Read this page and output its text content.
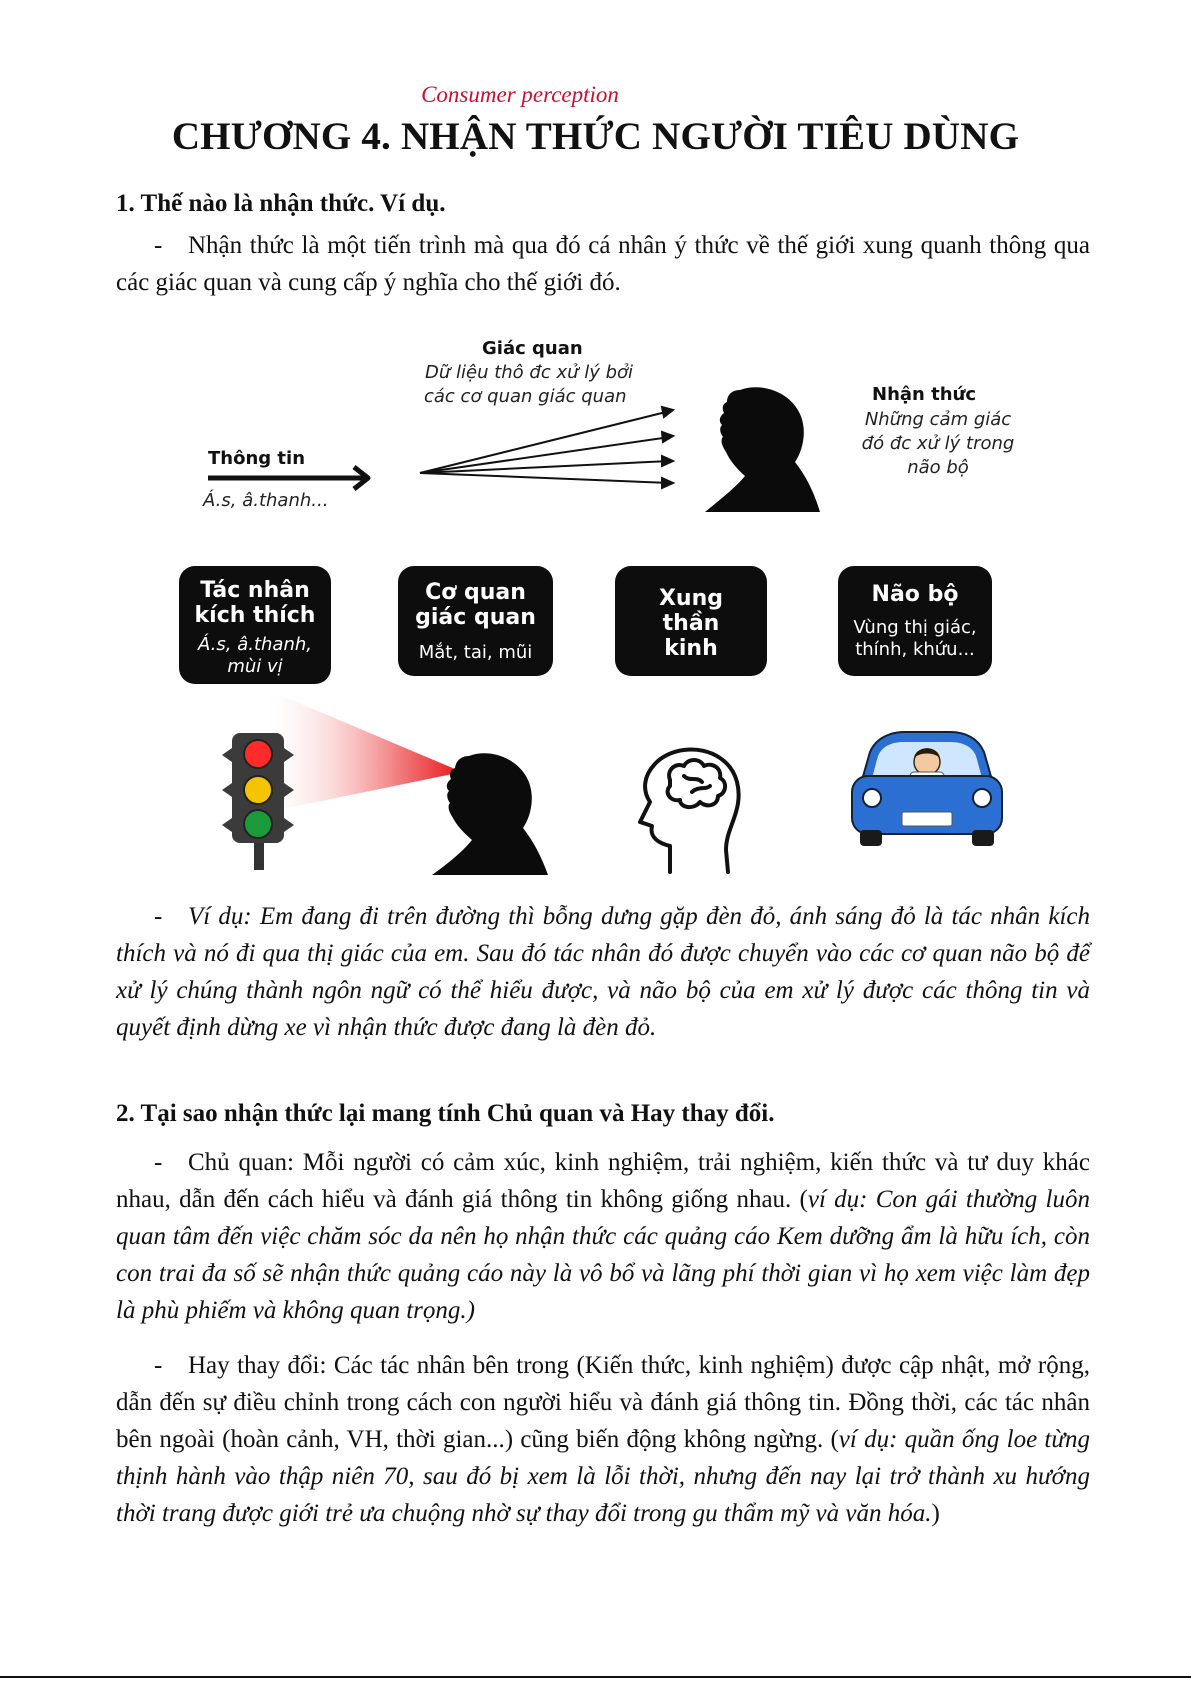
Consumer perception
CHƯƠNG 4. NHẬN THỨC NGƯỜI TIÊU DÙNG
1. Thế nào là nhận thức. Ví dụ.

- Nhận thức là một tiến trình mà qua đó cá nhân ý thức về thế giới xung quanh thông qua các giác quan và cung cấp ý nghĩa cho thế giới đó.

Giác quan
Dữ liệu thô đc xử lý bởi
các cơ quan giác quan
Thông tin
Á.s, â.thanh...
Nhận thức
Những cảm giác
đó đc xử lý trong
não bộ
Tác nhân
kích thích
Á.s, â.thanh,
mùi vị
Cơ quan
giác quan
Mắt, tai, mũi
Xung
thần
kinh
Não bộ
Vùng thị giác,
thính, khứu...

- Ví dụ: Em đang đi trên đường thì bỗng dưng gặp đèn đỏ, ánh sáng đỏ là tác nhân kích thích và nó đi qua thị giác của em. Sau đó tác nhân đó được chuyển vào các cơ quan não bộ để xử lý chúng thành ngôn ngữ có thể hiểu được, và não bộ của em xử lý được các thông tin và quyết định dừng xe vì nhận thức được đang là đèn đỏ.

2. Tại sao nhận thức lại mang tính Chủ quan và Hay thay đổi.

- Chủ quan: Mỗi người có cảm xúc, kinh nghiệm, trải nghiệm, kiến thức và tư duy khác nhau, dẫn đến cách hiểu và đánh giá thông tin không giống nhau. (ví dụ: Con gái thường luôn quan tâm đến việc chăm sóc da nên họ nhận thức các quảng cáo Kem dưỡng ẩm là hữu ích, còn con trai đa số sẽ nhận thức quảng cáo này là vô bổ và lãng phí thời gian vì họ xem việc làm đẹp là phù phiếm và không quan trọng.)

- Hay thay đổi: Các tác nhân bên trong (Kiến thức, kinh nghiệm) được cập nhật, mở rộng, dẫn đến sự điều chỉnh trong cách con người hiểu và đánh giá thông tin. Đồng thời, các tác nhân bên ngoài (hoàn cảnh, VH, thời gian...) cũng biến động không ngừng. (ví dụ: quần ống loe từng thịnh hành vào thập niên 70, sau đó bị xem là lỗi thời, nhưng đến nay lại trở thành xu hướng thời trang được giới trẻ ưa chuộng nhờ sự thay đổi trong gu thẩm mỹ và văn hóa.)
